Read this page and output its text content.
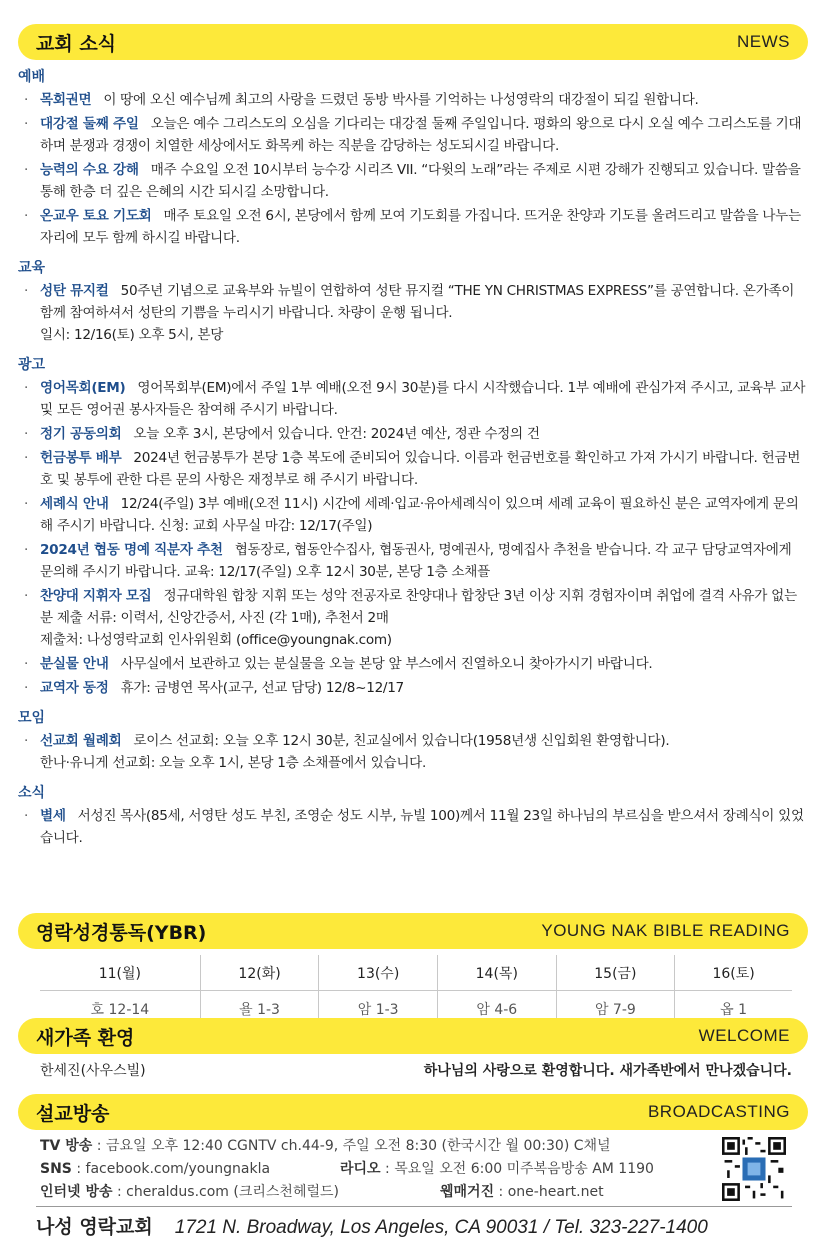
교회 소식	NEWS
예배
· 목회권면 이 땅에 오신 예수님께 최고의 사랑을 드렸던 동방 박사를 기억하는 나성영락의 대강절이 되길 원합니다.
· 대강절 둘째 주일 오늘은 예수 그리스도의 오심을 기다리는 대강절 둘째 주일입니다. 평화의 왕으로 다시 오실 예수 그리스도를 기대하며 분쟁과 경쟁이 치열한 세상에서도 화목케 하는 직분을 감당하는 성도되시길 바랍니다.
· 능력의 수요 강해 매주 수요일 오전 10시부터 능수강 시리즈 VII. “다윗의 노래”라는 주제로 시편 강해가 진행되고 있습니다. 말씀을 통해 한층 더 깊은 은혜의 시간 되시길 소망합니다.
· 온교우 토요 기도회 매주 토요일 오전 6시, 본당에서 함께 모여 기도회를 가집니다. 뜨거운 찬양과 기도를 올려드리고 말씀을 나누는 자리에 모두 함께 하시길 바랍니다.
교육
· 성탄 뮤지컬 50주년 기념으로 교육부와 뉴빌이 연합하여 성탄 뮤지컬 “THE YN CHRISTMAS EXPRESS”를 공연합니다. 온가족이 함께 참여하셔서 성탄의 기쁨을 누리시기 바랍니다. 차량이 운행 됩니다.
일시: 12/16(토) 오후 5시, 본당
광고
· 영어목회(EM) 영어목회부(EM)에서 주일 1부 예배(오전 9시 30분)를 다시 시작했습니다. 1부 예배에 관심가져 주시고, 교육부 교사 및 모든 영어권 봉사자들은 참여해 주시기 바랍니다.
· 정기 공동의회 오늘 오후 3시, 본당에서 있습니다. 안건: 2024년 예산, 정관 수정의 건
· 헌금봉투 배부 2024년 헌금봉투가 본당 1층 복도에 준비되어 있습니다. 이름과 헌금번호를 확인하고 가져 가시기 바랍니다. 헌금번호 및 봉투에 관한 다른 문의 사항은 재정부로 해 주시기 바랍니다.
· 세례식 안내 12/24(주일) 3부 예배(오전 11시) 시간에 세례·입교·유아세례식이 있으며 세례 교육이 필요하신 분은 교역자에게 문의해 주시기 바랍니다. 신청: 교회 사무실 마감: 12/17(주일)
· 2024년 협동 명예 직분자 추천 협동장로, 협동안수집사, 협동권사, 명예권사, 명예집사 추천을 받습니다. 각 교구 담당교역자에게 문의해 주시기 바랍니다. 교육: 12/17(주일) 오후 12시 30분, 본당 1층 소채플
· 찬양대 지휘자 모집 정규대학원 합창 지휘 또는 성악 전공자로 찬양대나 합창단 3년 이상 지휘 경험자이며 취업에 결격 사유가 없는 분 제출 서류: 이력서, 신앙간증서, 사진 (각 1매), 추천서 2매
제출처: 나성영락교회 인사위원회 (office@youngnak.com)
· 분실물 안내 사무실에서 보관하고 있는 분실물을 오늘 본당 앞 부스에서 진열하오니 찾아가시기 바랍니다.
· 교역자 동정 휴가: 금병연 목사(교구, 선교 담당) 12/8~12/17
모임
· 선교회 월례회 로이스 선교회: 오늘 오후 12시 30분, 친교실에서 있습니다(1958년생 신입회원 환영합니다).
한나·유니게 선교회: 오늘 오후 1시, 본당 1층 소채플에서 있습니다.
소식
· 별세 서성진 목사(85세, 서영탄 성도 부친, 조영순 성도 시부, 뉴빌 100)께서 11월 23일 하나님의 부르심을 받으셔서 장례식이 있었습니다.
영락성경통독(YBR)	YOUNG NAK BIBLE READING
11(월)	12(화)	13(수)	14(목)	15(금)	16(토)
호 12-14	욜 1-3	암 1-3	암 4-6	암 7-9	옵 1
새가족 환영	WELCOME
한세진(사우스빌)	하나님의 사랑으로 환영합니다. 새가족반에서 만나겠습니다.
설교방송	BROADCASTING
TV 방송 : 금요일 오후 12:40 CGNTV ch.44-9, 주일 오전 8:30 (한국시간 월 00:30) C채널
SNS : facebook.com/youngnakla	라디오 : 목요일 오전 6:00 미주복음방송 AM 1190
인터넷 방송 : cheraldus.com (크리스천헤럴드)	웹매거진 : one-heart.net
나성 영락교회 1721 N. Broadway, Los Angeles, CA 90031 / Tel. 323-227-1400
